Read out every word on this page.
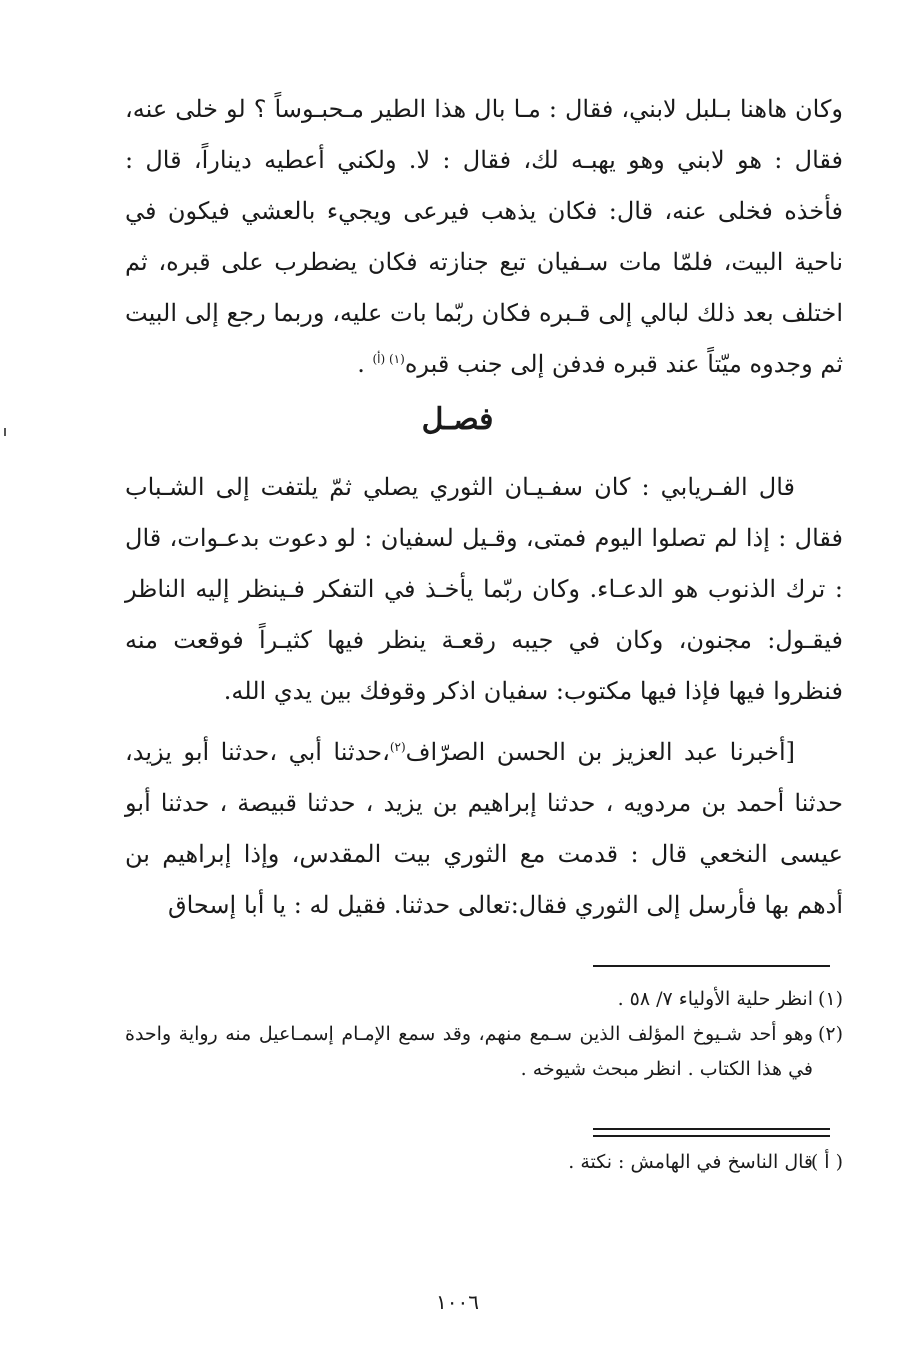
وكان هاهنا بـلبل لابني، فقال : مـا بال هذا الطير مـحبـوساً ؟ لو خلى عنه، فقال : هو لابني وهو يهبـه لك، فقال : لا. ولكني أعطيه ديناراً، قال : فأخذه فخلى عنه، قال: فكان يذهب فيرعى ويجيء بالعشي فيكون في ناحية البيت، فلمّا مات سـفيان تبع جنازته فكان يضطرب على قبره، ثم اختلف بعد ذلك لبالي إلى قـبره فكان ربّما بات عليه، وربما رجع إلى البيت ثم وجدوه ميّتاً عند قبره فدفن إلى جنب قبره$^{(١) (أ)}$ .
فصـل
قال الفـريابي : كان سفـيـان الثوري يصلي ثمّ يلتفت إلى الشـباب فقال : إذا لم تصلوا اليوم فمتى، وقـيل لسفيان : لو دعوت بدعـوات، قال : ترك الذنوب هو الدعـاء. وكان ربّما يأخـذ في التفكر فـينظر إليه الناظر فيقـول: مجنون، وكان في جيبه رقعـة ينظر فيها كثيـراً فوقعت منه فنظروا فيها فإذا فيها مكتوب: سفيان اذكر وقوفك بين يدي الله.
[أخبرنا عبد العزيز بن الحسن الصرّاف$^{(٢)}$،حدثنا أبي ،حدثنا أبو يزيد، حدثنا أحمد بن مردويه ، حدثنا إبراهيم بن يزيد ، حدثنا قبيصة ، حدثنا أبو عيسى النخعي قال : قدمت مع الثوري بيت المقدس، وإذا إبراهيم بن أدهم بها فأرسل إلى الثوري فقال:تعالى حدثنا. فقيل له : يا أبا إسحاق
(١)
انظر حلية الأولياء ٧/ ٥٨ .
(٢)
وهو أحد شـيوخ المؤلف الذين سـمع منهم، وقد سمع الإمـام إسمـاعيل منه رواية واحدة في هذا الكتاب . انظر مبحث شيوخه .
( أ )
قال الناسخ في الهامش : نكتة .
١٠٠٦
